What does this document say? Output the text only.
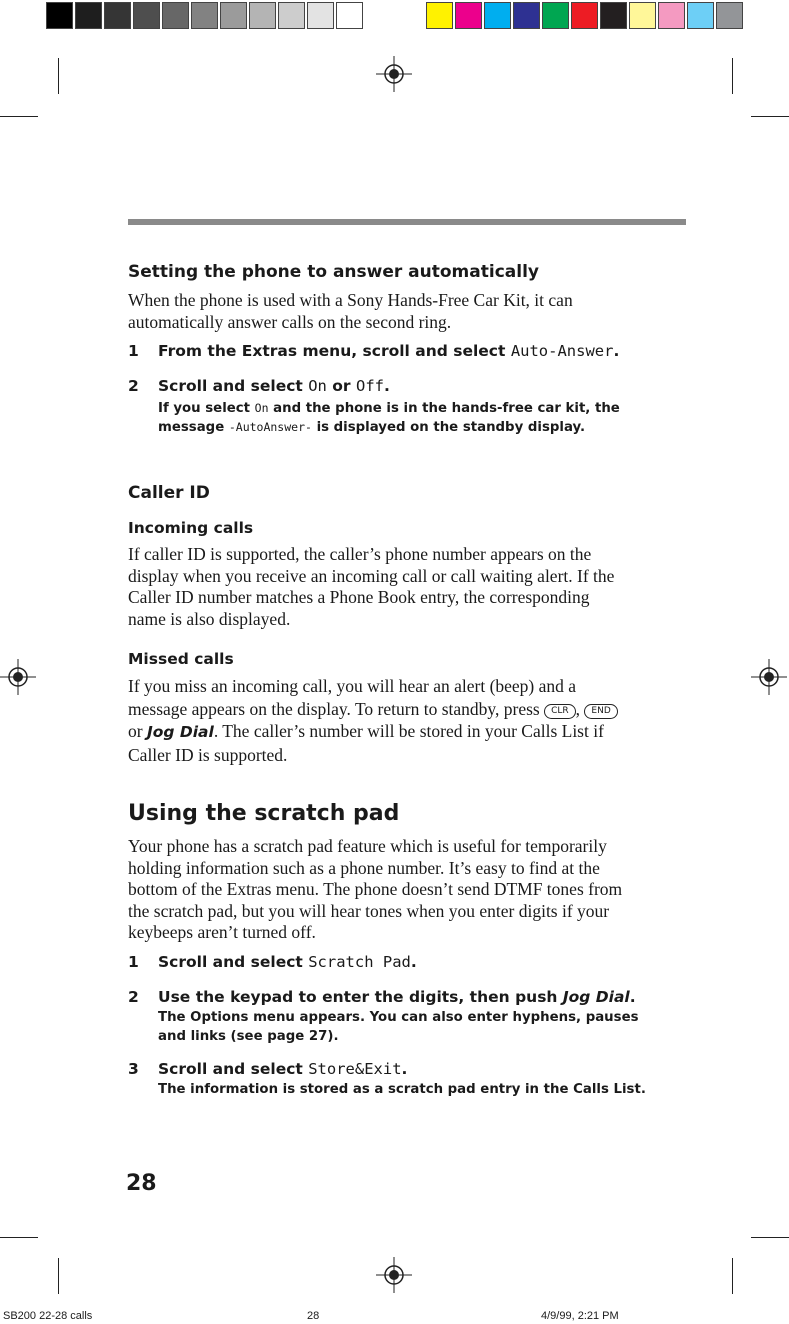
Setting the phone to answer automatically
When the phone is used with a Sony Hands-Free Car Kit, it can
automatically answer calls on the second ring.
1 From the Extras menu, scroll and select Auto-Answer.
2 Scroll and select On or Off.
If you select On and the phone is in the hands-free car kit, the
message -AutoAnswer- is displayed on the standby display.
Caller ID
Incoming calls
If caller ID is supported, the caller’s phone number appears on the
display when you receive an incoming call or call waiting alert. If the
Caller ID number matches a Phone Book entry, the corresponding
name is also displayed.
Missed calls
If you miss an incoming call, you will hear an alert (beep) and a
message appears on the display. To return to standby, press CLR , END
or Jog Dial. The caller’s number will be stored in your Calls List if
Caller ID is supported.
Using the scratch pad
Your phone has a scratch pad feature which is useful for temporarily
holding information such as a phone number. It’s easy to find at the
bottom of the Extras menu. The phone doesn’t send DTMF tones from
the scratch pad, but you will hear tones when you enter digits if your
keybeeps aren’t turned off.
1 Scroll and select Scratch Pad.
2 Use the keypad to enter the digits, then push Jog Dial.
The Options menu appears. You can also enter hyphens, pauses
and links (see page 27).
3 Scroll and select Store&Exit.
The information is stored as a scratch pad entry in the Calls List.
28
SB200 22-28 calls	28	4/9/99, 2:21 PM
